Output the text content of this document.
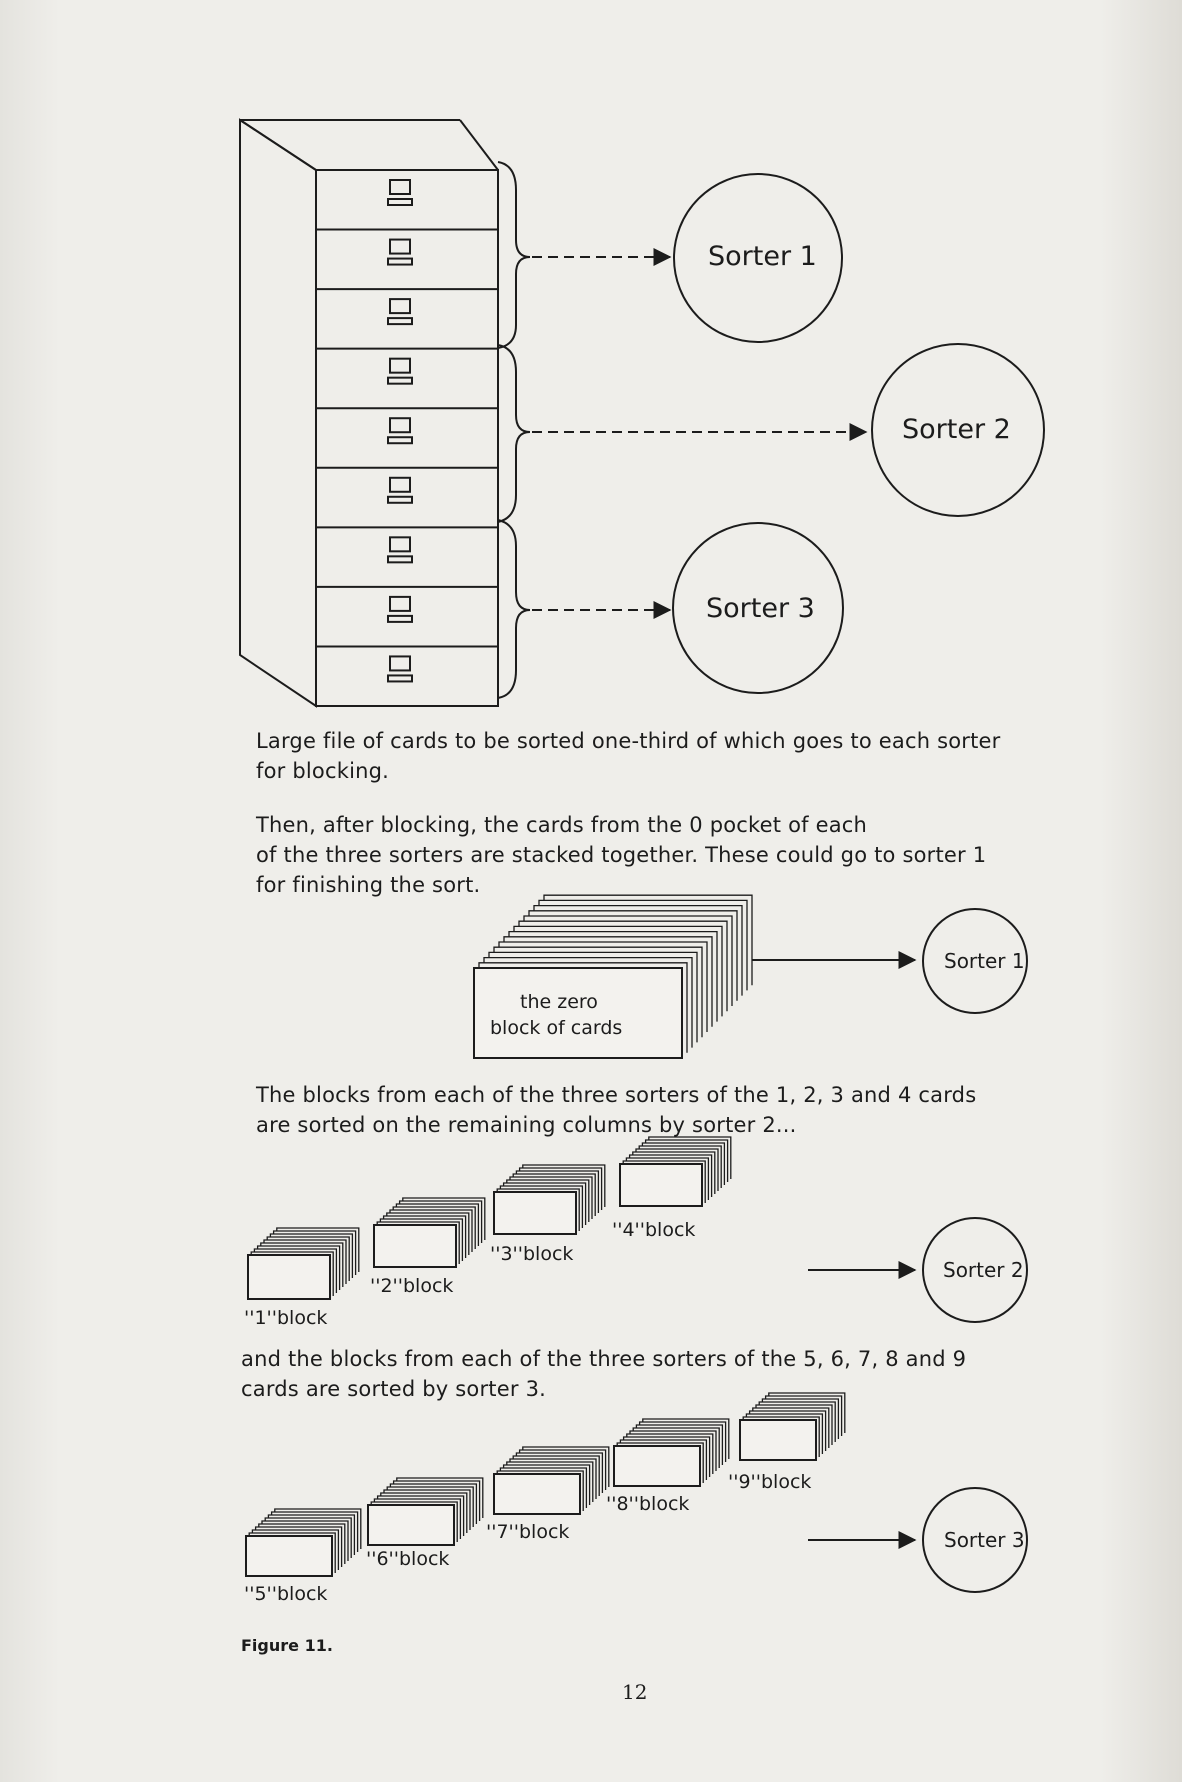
Sorter 1
Sorter 2
Sorter 3
the zero
block of cards
Sorter 1
''1''block
''2''block
''3''block
''4''block
Sorter 2
''5''block
''6''block
''7''block
''8''block
''9''block
Sorter 3

Large file of cards to be sorted one-third of which goes to each sorter
for blocking.

Then, after blocking, the cards from the 0 pocket of each
of the three sorters are stacked together. These could go to sorter 1
for finishing the sort.

The blocks from each of the three sorters of the 1, 2, 3 and 4 cards
are sorted on the remaining columns by sorter 2...

and the blocks from each of the three sorters of the 5, 6, 7, 8 and 9
cards are sorted by sorter 3.

Figure 11.
12
